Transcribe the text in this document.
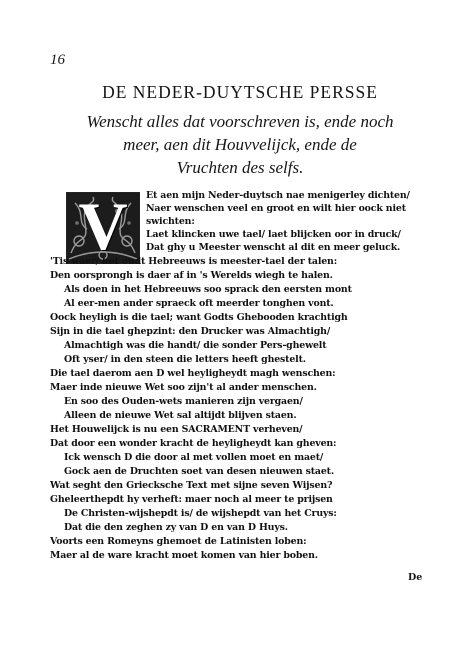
16
DE NEDER-DUYTSCHE PERSSE
Wenscht alles dat voorschreven is, ende noch
meer, aen dit Houvvelijck, ende de
Vruchten des selfs.
V	Et aen mijn Neder-duytsch nae menigerley dichten/
Naer wenschen veel en groot en wilt hier oock niet
swichten:
Laet klincken uwe tael/ laet blijcken oor in druck/
Dat ghy u Meester wenscht al dit en meer geluck.
'Tis waer/ het oudt Hebreeuws is meester-tael der talen:
Den oorsprongh is daer af in 's Werelds wiegh te halen.
Als doen in het Hebreeuws soo sprack den eersten mont
Al eer-men ander spraeck oft meerder tonghen vont.
Oock heyligh is die tael; want Godts Ghebooden krachtigh
Sijn in die tael ghepzint: den Drucker was Almachtigh/
Almachtigh was die handt/ die sonder Pers-ghewelt
Oft yser/ in den steen die letters heeft ghestelt.
Die tael daerom aen D wel heyligheydt magh wenschen:
Maer inde nieuwe Wet soo zijn't al ander menschen.
En soo des Ouden-wets manieren zijn vergaen/
Alleen de nieuwe Wet sal altijdt blijven staen.
Het Houwelijck is nu een SACRAMENT verheven/
Dat door een wonder kracht de heyligheydt kan gheven:
Ick wensch D die door al met vollen moet en maet/
Gock aen de Druchten soet van desen nieuwen staet.
Wat seght den Griecksche Text met sijne seven Wijsen?
Gheleerthepdt hy verheft: maer noch al meer te prijsen
De Christen-wijshepdt is/ de wijshepdt van het Cruys:
Dat die den zeghen zy van D en van D Huys.
Voorts een Romeyns ghemoet de Latinisten loben:
Maer al de ware kracht moet komen van hier boben.
De
